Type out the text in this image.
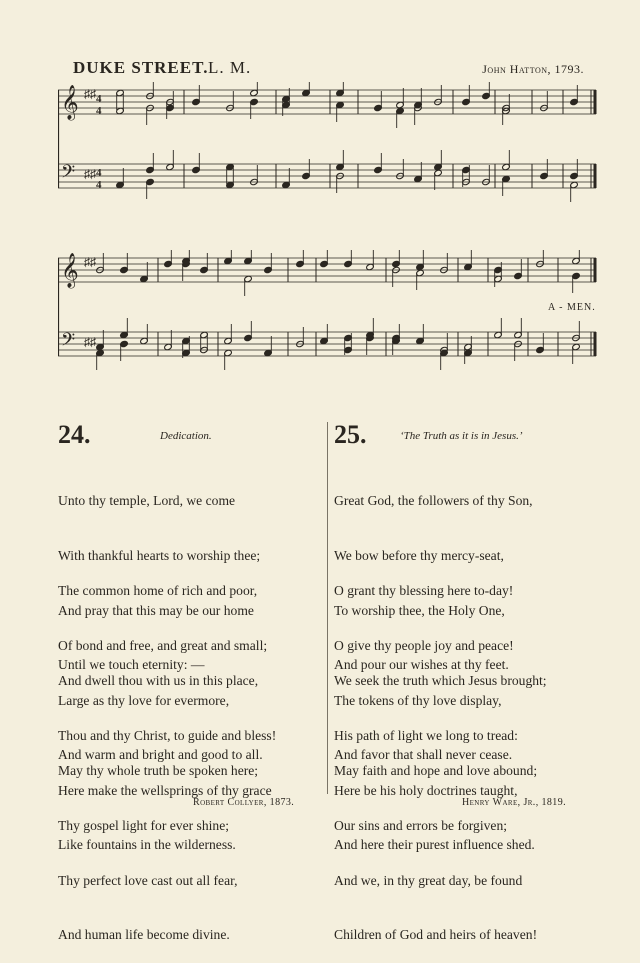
DUKE STREET. L. M.	John Hatton, 1793.
𝄞 ♯♯
𝄢 ♯♯
4
4
4
4
𝄞 ♯♯
𝄢 ♯♯
A - MEN.
24.	Dedication.

Unto thy temple, Lord, we come

With thankful hearts to worship thee;

And pray that this may be our home

Until we touch eternity: —

The common home of rich and poor,

Of bond and free, and great and small;

Large as thy love for evermore,

And warm and bright and good to all.

And dwell thou with us in this place,

Thou and thy Christ, to guide and bless!

Here make the wellsprings of thy grace

Like fountains in the wilderness.

May thy whole truth be spoken here;

Thy gospel light for ever shine;

Thy perfect love cast out all fear,

And human life become divine.

Robert Collyer, 1873.
25.	‘The Truth as it is in Jesus.’

Great God, the followers of thy Son,

We bow before thy mercy-seat,

To worship thee, the Holy One,

And pour our wishes at thy feet.

O grant thy blessing here to-day!

O give thy people joy and peace!

The tokens of thy love display,

And favor that shall never cease.

We seek the truth which Jesus brought;

His path of light we long to tread:

Here be his holy doctrines taught,

And here their purest influence shed.

May faith and hope and love abound;

Our sins and errors be forgiven;

And we, in thy great day, be found

Children of God and heirs of heaven!

Henry Ware, Jr., 1819.
